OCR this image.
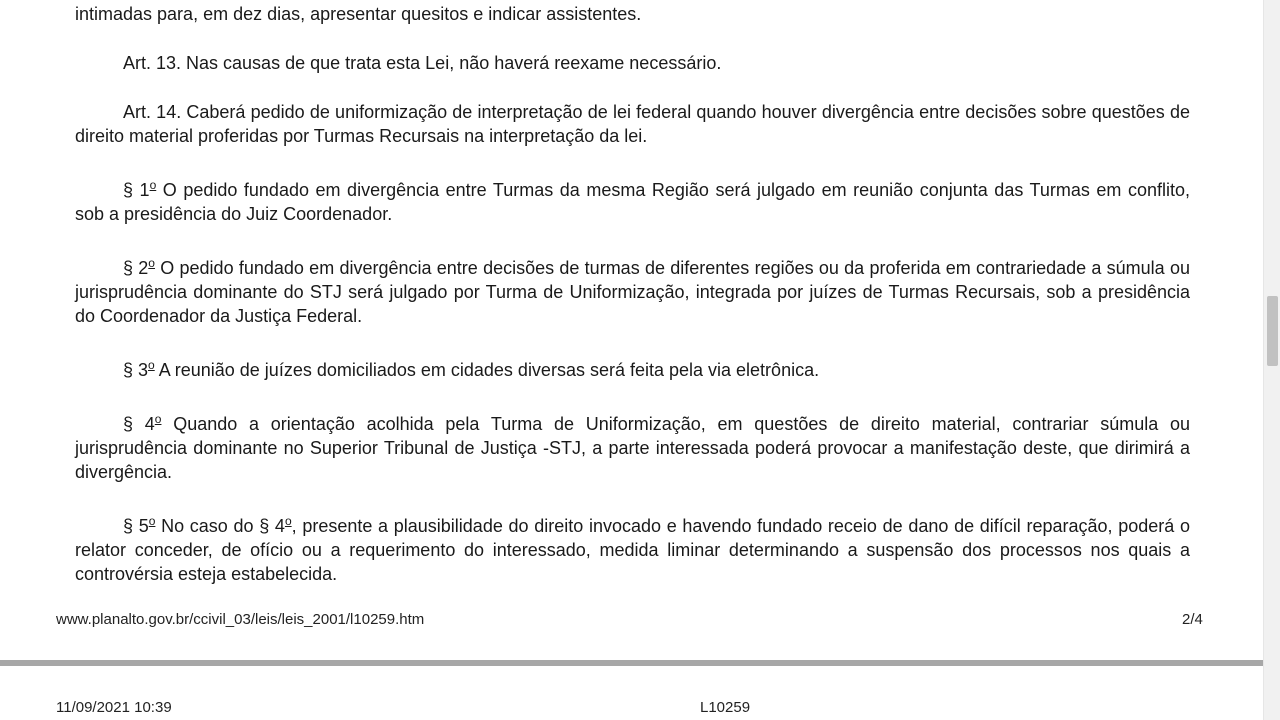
intimadas para, em dez dias, apresentar quesitos e indicar assistentes.

Art. 13. Nas causas de que trata esta Lei, não haverá reexame necessário.

Art. 14. Caberá pedido de uniformização de interpretação de lei federal quando houver divergência entre decisões sobre questões de direito material proferidas por Turmas Recursais na interpretação da lei.

§ 1$^o$ O pedido fundado em divergência entre Turmas da mesma Região será julgado em reunião conjunta das Turmas em conflito, sob a presidência do Juiz Coordenador.

§ 2$^o$ O pedido fundado em divergência entre decisões de turmas de diferentes regiões ou da proferida em contrariedade a súmula ou jurisprudência dominante do STJ será julgado por Turma de Uniformização, integrada por juízes de Turmas Recursais, sob a presidência do Coordenador da Justiça Federal.

§ 3$^o$ A reunião de juízes domiciliados em cidades diversas será feita pela via eletrônica.

§ 4$^o$ Quando a orientação acolhida pela Turma de Uniformização, em questões de direito material, contrariar súmula ou jurisprudência dominante no Superior Tribunal de Justiça -STJ, a parte interessada poderá provocar a manifestação deste, que dirimirá a divergência.

§ 5$^o$ No caso do § 4$^o$, presente a plausibilidade do direito invocado e havendo fundado receio de dano de difícil reparação, poderá o relator conceder, de ofício ou a requerimento do interessado, medida liminar determinando a suspensão dos processos nos quais a controvérsia esteja estabelecida.

www.planalto.gov.br/ccivil_03/leis/leis_2001/l10259.htm	2/4
11/09/2021 10:39	L10259
